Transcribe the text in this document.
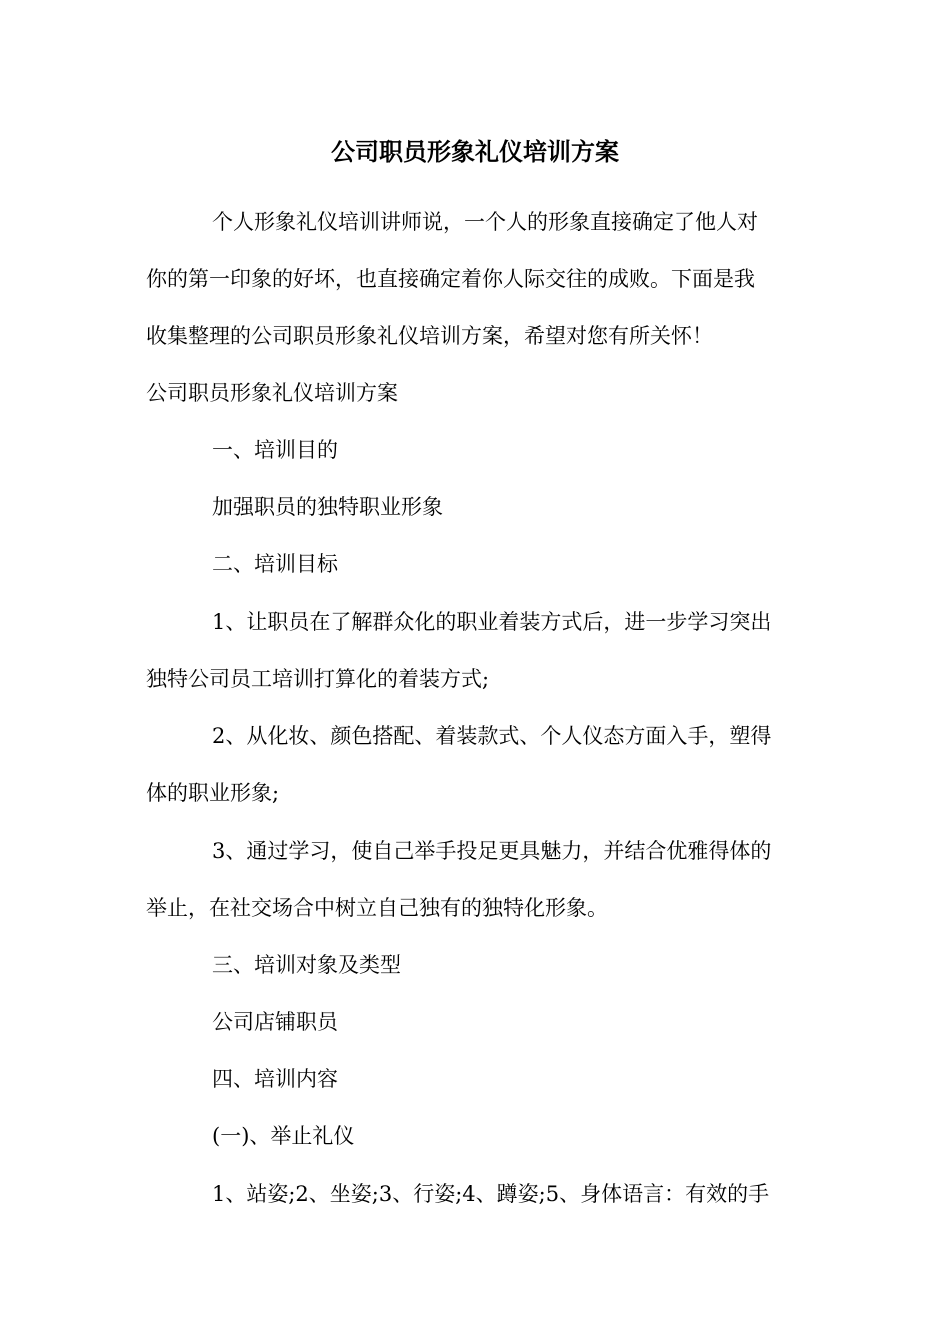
公司职员形象礼仪培训方案
个人形象礼仪培训讲师说，一个人的形象直接确定了他人对
你的第一印象的好坏，也直接确定着你人际交往的成败。下面是我
收集整理的公司职员形象礼仪培训方案，希望对您有所关怀！
公司职员形象礼仪培训方案
一、培训目的
加强职员的独特职业形象
二、培训目标
1、让职员在了解群众化的职业着装方式后，进一步学习突出
独特公司员工培训打算化的着装方式;
2、从化妆、颜色搭配、着装款式、个人仪态方面入手，塑得
体的职业形象;
3、通过学习，使自己举手投足更具魅力，并结合优雅得体的
举止，在社交场合中树立自己独有的独特化形象。
三、培训对象及类型
公司店铺职员
四、培训内容
(一)、举止礼仪
1、站姿;2、坐姿;3、行姿;4、蹲姿;5、身体语言：有效的手
